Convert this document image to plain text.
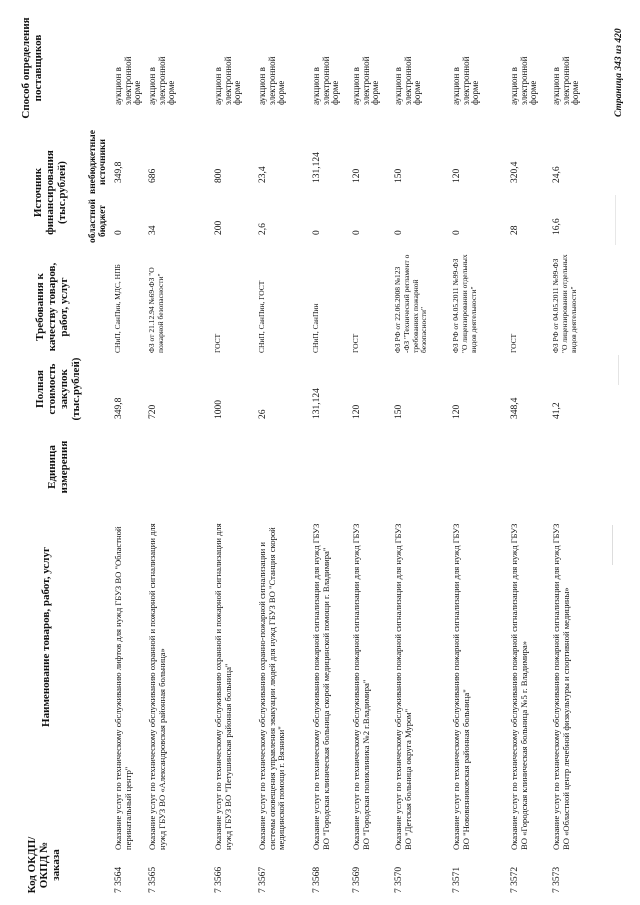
Код ОКДП/ ОКПД № заказа
Наименование товаров, работ, услуг
Единица измерения
Полная стоимость закупок (тыс.рублей)
Требования к качеству товаров, работ, услуг
Источник финансирования (тыс.рублей) областной бюджет
внебюджетные источники
Способ определения поставщиков
7 3564
Оказание услуг по техническому обслуживанию лифтов для нужд ГБУЗ ВО "Областной перинатальный центр"
349,8
СНиП, СанПин, МДС, НПБ
0
349,8
аукцион в электронной форме
7 3565
Оказание услуг по техническому обслуживанию охранной и пожарной сигнализации для нужд ГБУЗ ВО «Александровская районная больница»
720
ФЗ от 21.12.94 №69-ФЗ "О пожарной безопасности"
34
686
аукцион в электронной форме
7 3566
Оказание услуг по техническому обслуживанию охранной и пожарной сигнализации для нужд ГБУЗ ВО "Петушинская районная больница"
1000
ГОСТ
200
800
аукцион в электронной форме
7 3567
Оказание услуг по техническому обслуживанию охранно-пожарной сигнализации и системы оповещения управления эвакуации людей для нужд ГБУЗ ВО "Станция скорой медицинской помощи г. Вязники"
26
СНиП, СанПин, ГОСТ
2,6
23,4
аукцион в электронной форме
7 3568
Оказание услуг по техническому обслуживанию пожарной сигнализации для нужд ГБУЗ ВО "Городская клиническая больница скорой медицинской помощи г. Владимира"
131,124
СНиП, СанПин
0
131,124
аукцион в электронной форме
7 3569
Оказание услуг по техническому обслуживанию пожарной сигнализации для нужд ГБУЗ ВО "Городская поликлиника №2 г.Владимира"
120
ГОСТ
0
120
аукцион в электронной форме
7 3570
Оказание услуг по техническому обслуживанию пожарной сигнализации для нужд ГБУЗ ВО "Детская больница округа Муром"
150
ФЗ РФ от 22.06.2008 №123 -ФЗ "Технический регламент о требованиях пожарной безопасности"
0
150
аукцион в электронной форме
7 3571
Оказание услуг по техническому обслуживанию пожарной сигнализации для нужд ГБУЗ ВО "Нововязниковская районная больница"
120
ФЗ РФ от 04.05.2011 №99-ФЗ "О лицензировании отдельных видов деятельности"
0
120
аукцион в электронной форме
7 3572
Оказание услуг по техническому обслуживанию пожарной сигнализации для нужд ГБУЗ ВО «Городская клиническая больница №5 г. Владимира»
348,4
ГОСТ
28
320,4
аукцион в электронной форме
7 3573
Оказание услуг по техническому обслуживанию пожарной сигнализации для нужд ГБУЗ ВО «Областной центр лечебной физкультуры и спортивной медицины»
41,2
ФЗ РФ от 04.05.2011 №99-ФЗ "О лицензировании отдельных видов деятельности"
16,6
24,6
аукцион в электронной форме	Страница 343 из 420
